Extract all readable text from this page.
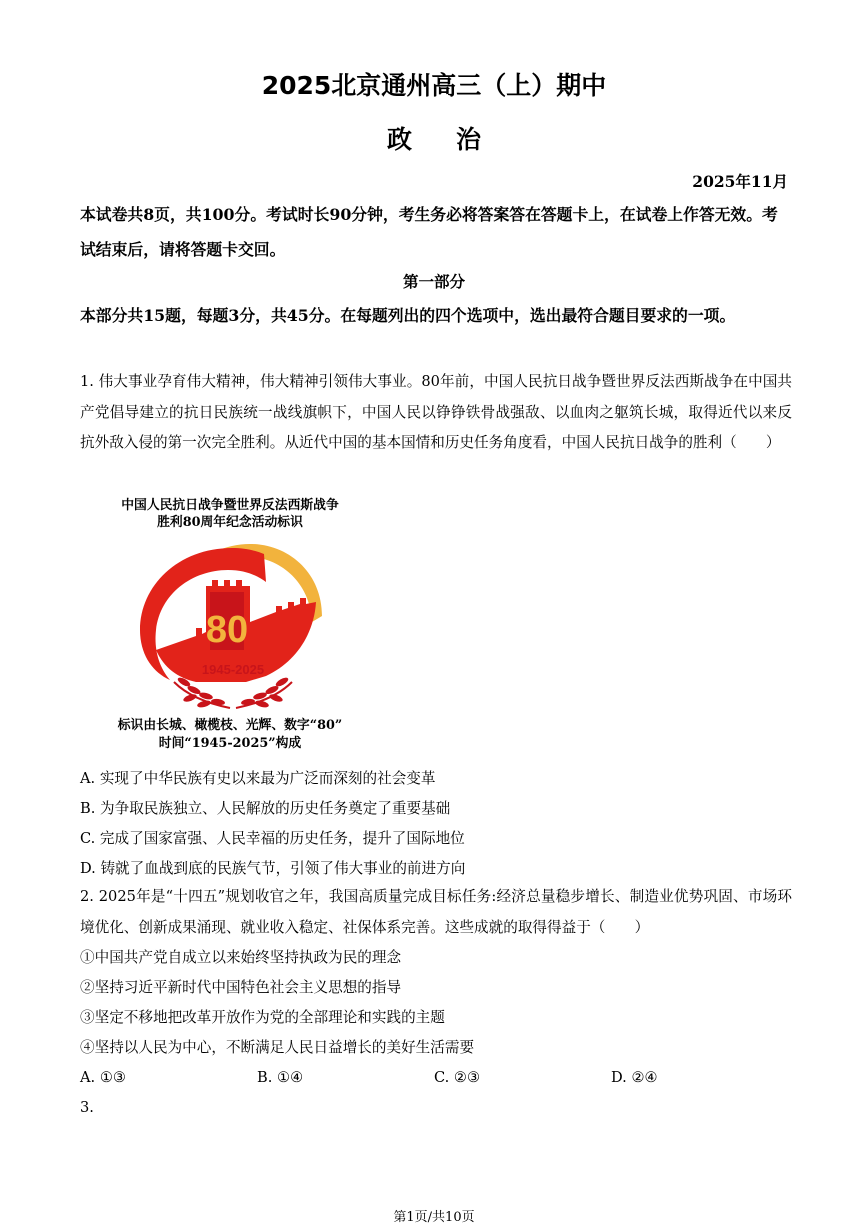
2025北京通州高三（上）期中
政治
2025年11月
本试卷共8页，共100分。考试时长90分钟，考生务必将答案答在答题卡上，在试卷上作答无效。考试结束后，请将答题卡交回。
第一部分
本部分共15题，每题3分，共45分。在每题列出的四个选项中，选出最符合题目要求的一项。
1. 伟大事业孕育伟大精神，伟大精神引领伟大事业。80年前，中国人民抗日战争暨世界反法西斯战争在中国共产党倡导建立的抗日民族统一战线旗帜下，中国人民以铮铮铁骨战强敌、以血肉之躯筑长城，取得近代以来反抗外敌入侵的第一次完全胜利。从近代中国的基本国情和历史任务角度看，中国人民抗日战争的胜利（　　）
中国人民抗日战争暨世界反法西斯战争
胜利80周年纪念活动标识
80
1945-2025
标识由长城、橄榄枝、光辉、数字“80”
时间“1945-2025”构成
A. 实现了中华民族有史以来最为广泛而深刻的社会变革
B. 为争取民族独立、人民解放的历史任务奠定了重要基础
C. 完成了国家富强、人民幸福的历史任务，提升了国际地位
D. 铸就了血战到底的民族气节，引领了伟大事业的前进方向
2. 2025年是“十四五”规划收官之年，我国高质量完成目标任务:经济总量稳步增长、制造业优势巩固、市场环境优化、创新成果涌现、就业收入稳定、社保体系完善。这些成就的取得得益于（　　）
①中国共产党自成立以来始终坚持执政为民的理念
②坚持习近平新时代中国特色社会主义思想的指导
③坚定不移地把改革开放作为党的全部理论和实践的主题
④坚持以人民为中心，不断满足人民日益增长的美好生活需要
A. ①③	B. ①④	C. ②③	D. ②④
3.
第1页/共10页
